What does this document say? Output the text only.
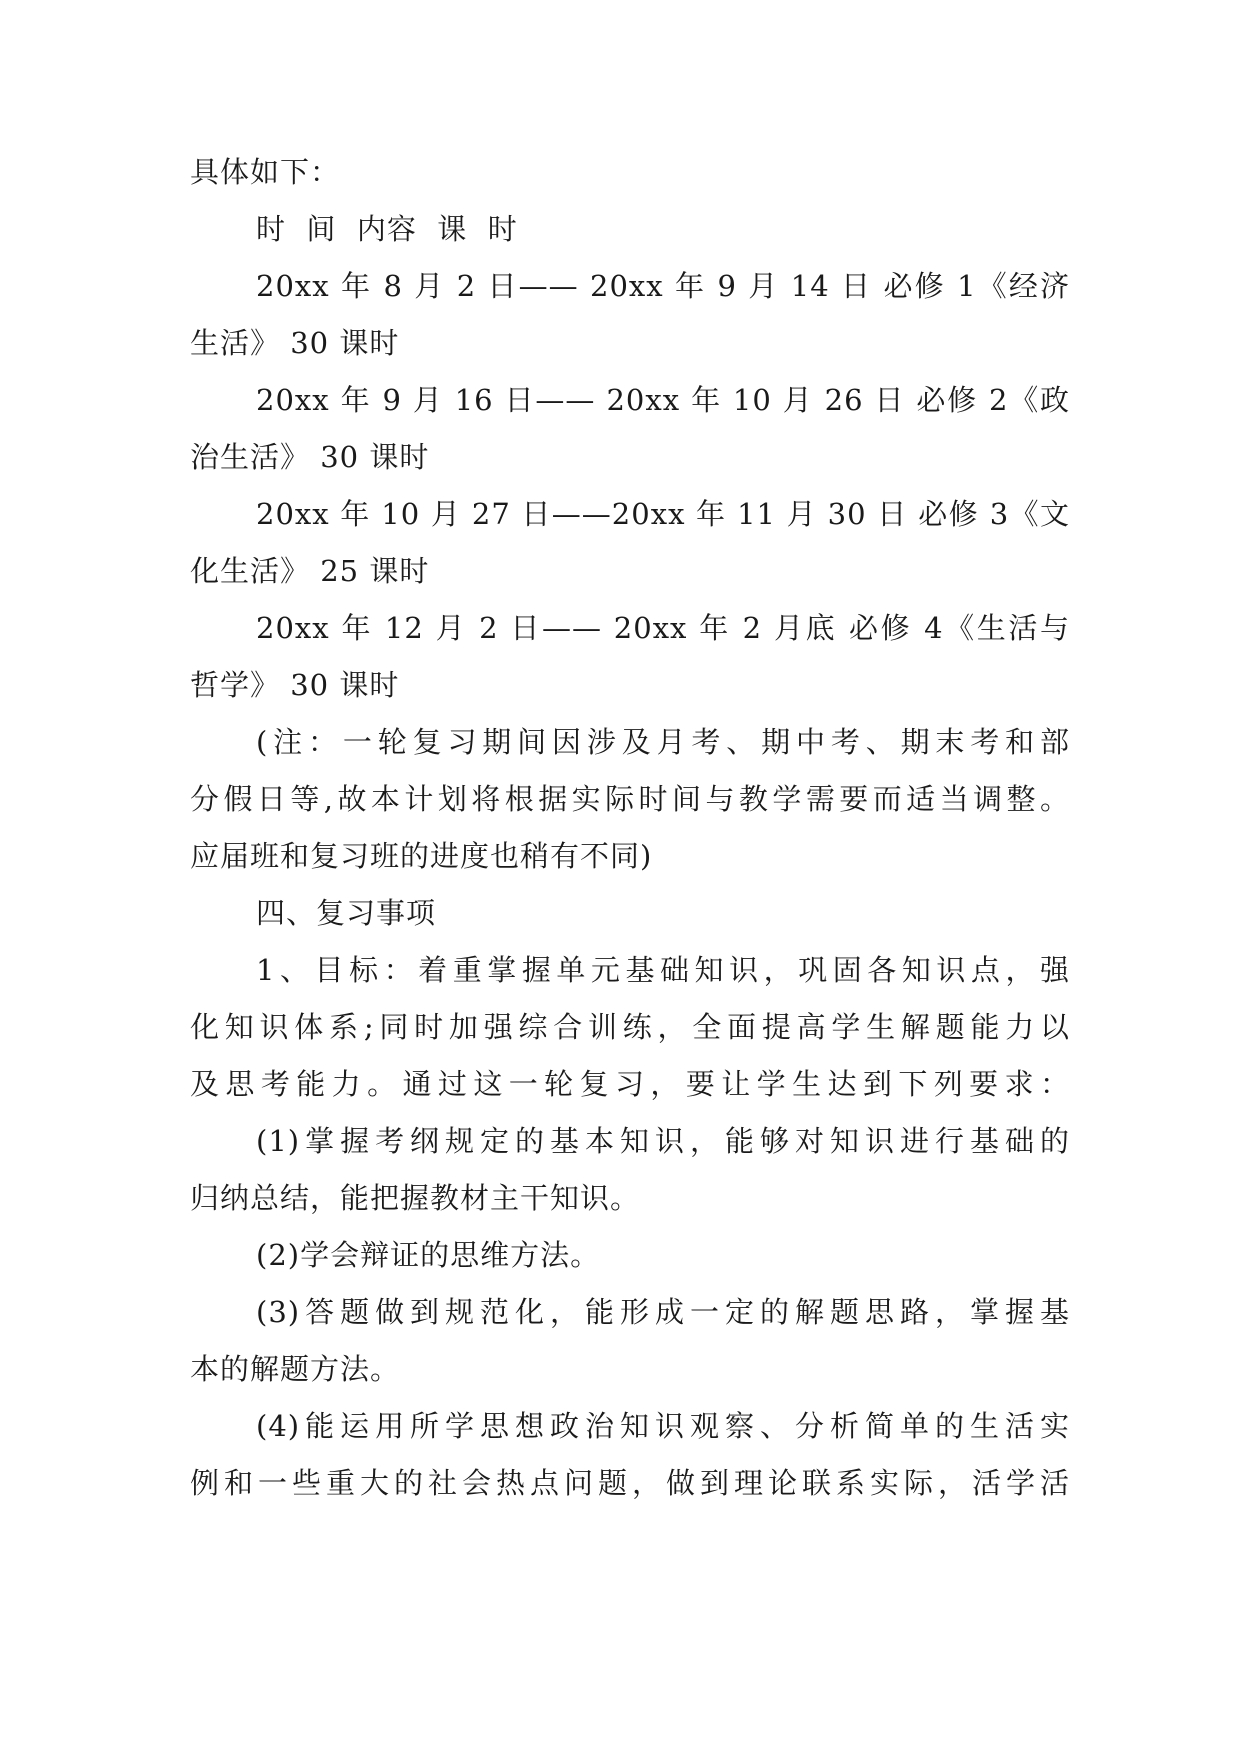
具体如下：
时  间  内容  课  时
20xx 年 8 月 2 日—— 20xx 年 9 月 14 日 必修 1《经济
生活》 30 课时
20xx 年 9 月 16 日—— 20xx 年 10 月 26 日 必修 2《政
治生活》 30 课时
20xx 年 10 月 27 日——20xx 年 11 月 30 日 必修 3《文
化生活》 25 课时
20xx 年 12 月 2 日—— 20xx 年 2 月底 必修 4《生活与
哲学》 30 课时
(注：一轮复习期间因涉及月考、期中考、期末考和部
分假日等,故本计划将根据实际时间与教学需要而适当调整。
应届班和复习班的进度也稍有不同)
四、复习事项
1、目标：着重掌握单元基础知识，巩固各知识点，强
化知识体系;同时加强综合训练，全面提高学生解题能力以
及思考能力。通过这一轮复习，要让学生达到下列要求：
(1)掌握考纲规定的基本知识，能够对知识进行基础的
归纳总结，能把握教材主干知识。
(2)学会辩证的思维方法。
(3)答题做到规范化，能形成一定的解题思路，掌握基
本的解题方法。
(4)能运用所学思想政治知识观察、分析简单的生活实
例和一些重大的社会热点问题，做到理论联系实际，活学活
